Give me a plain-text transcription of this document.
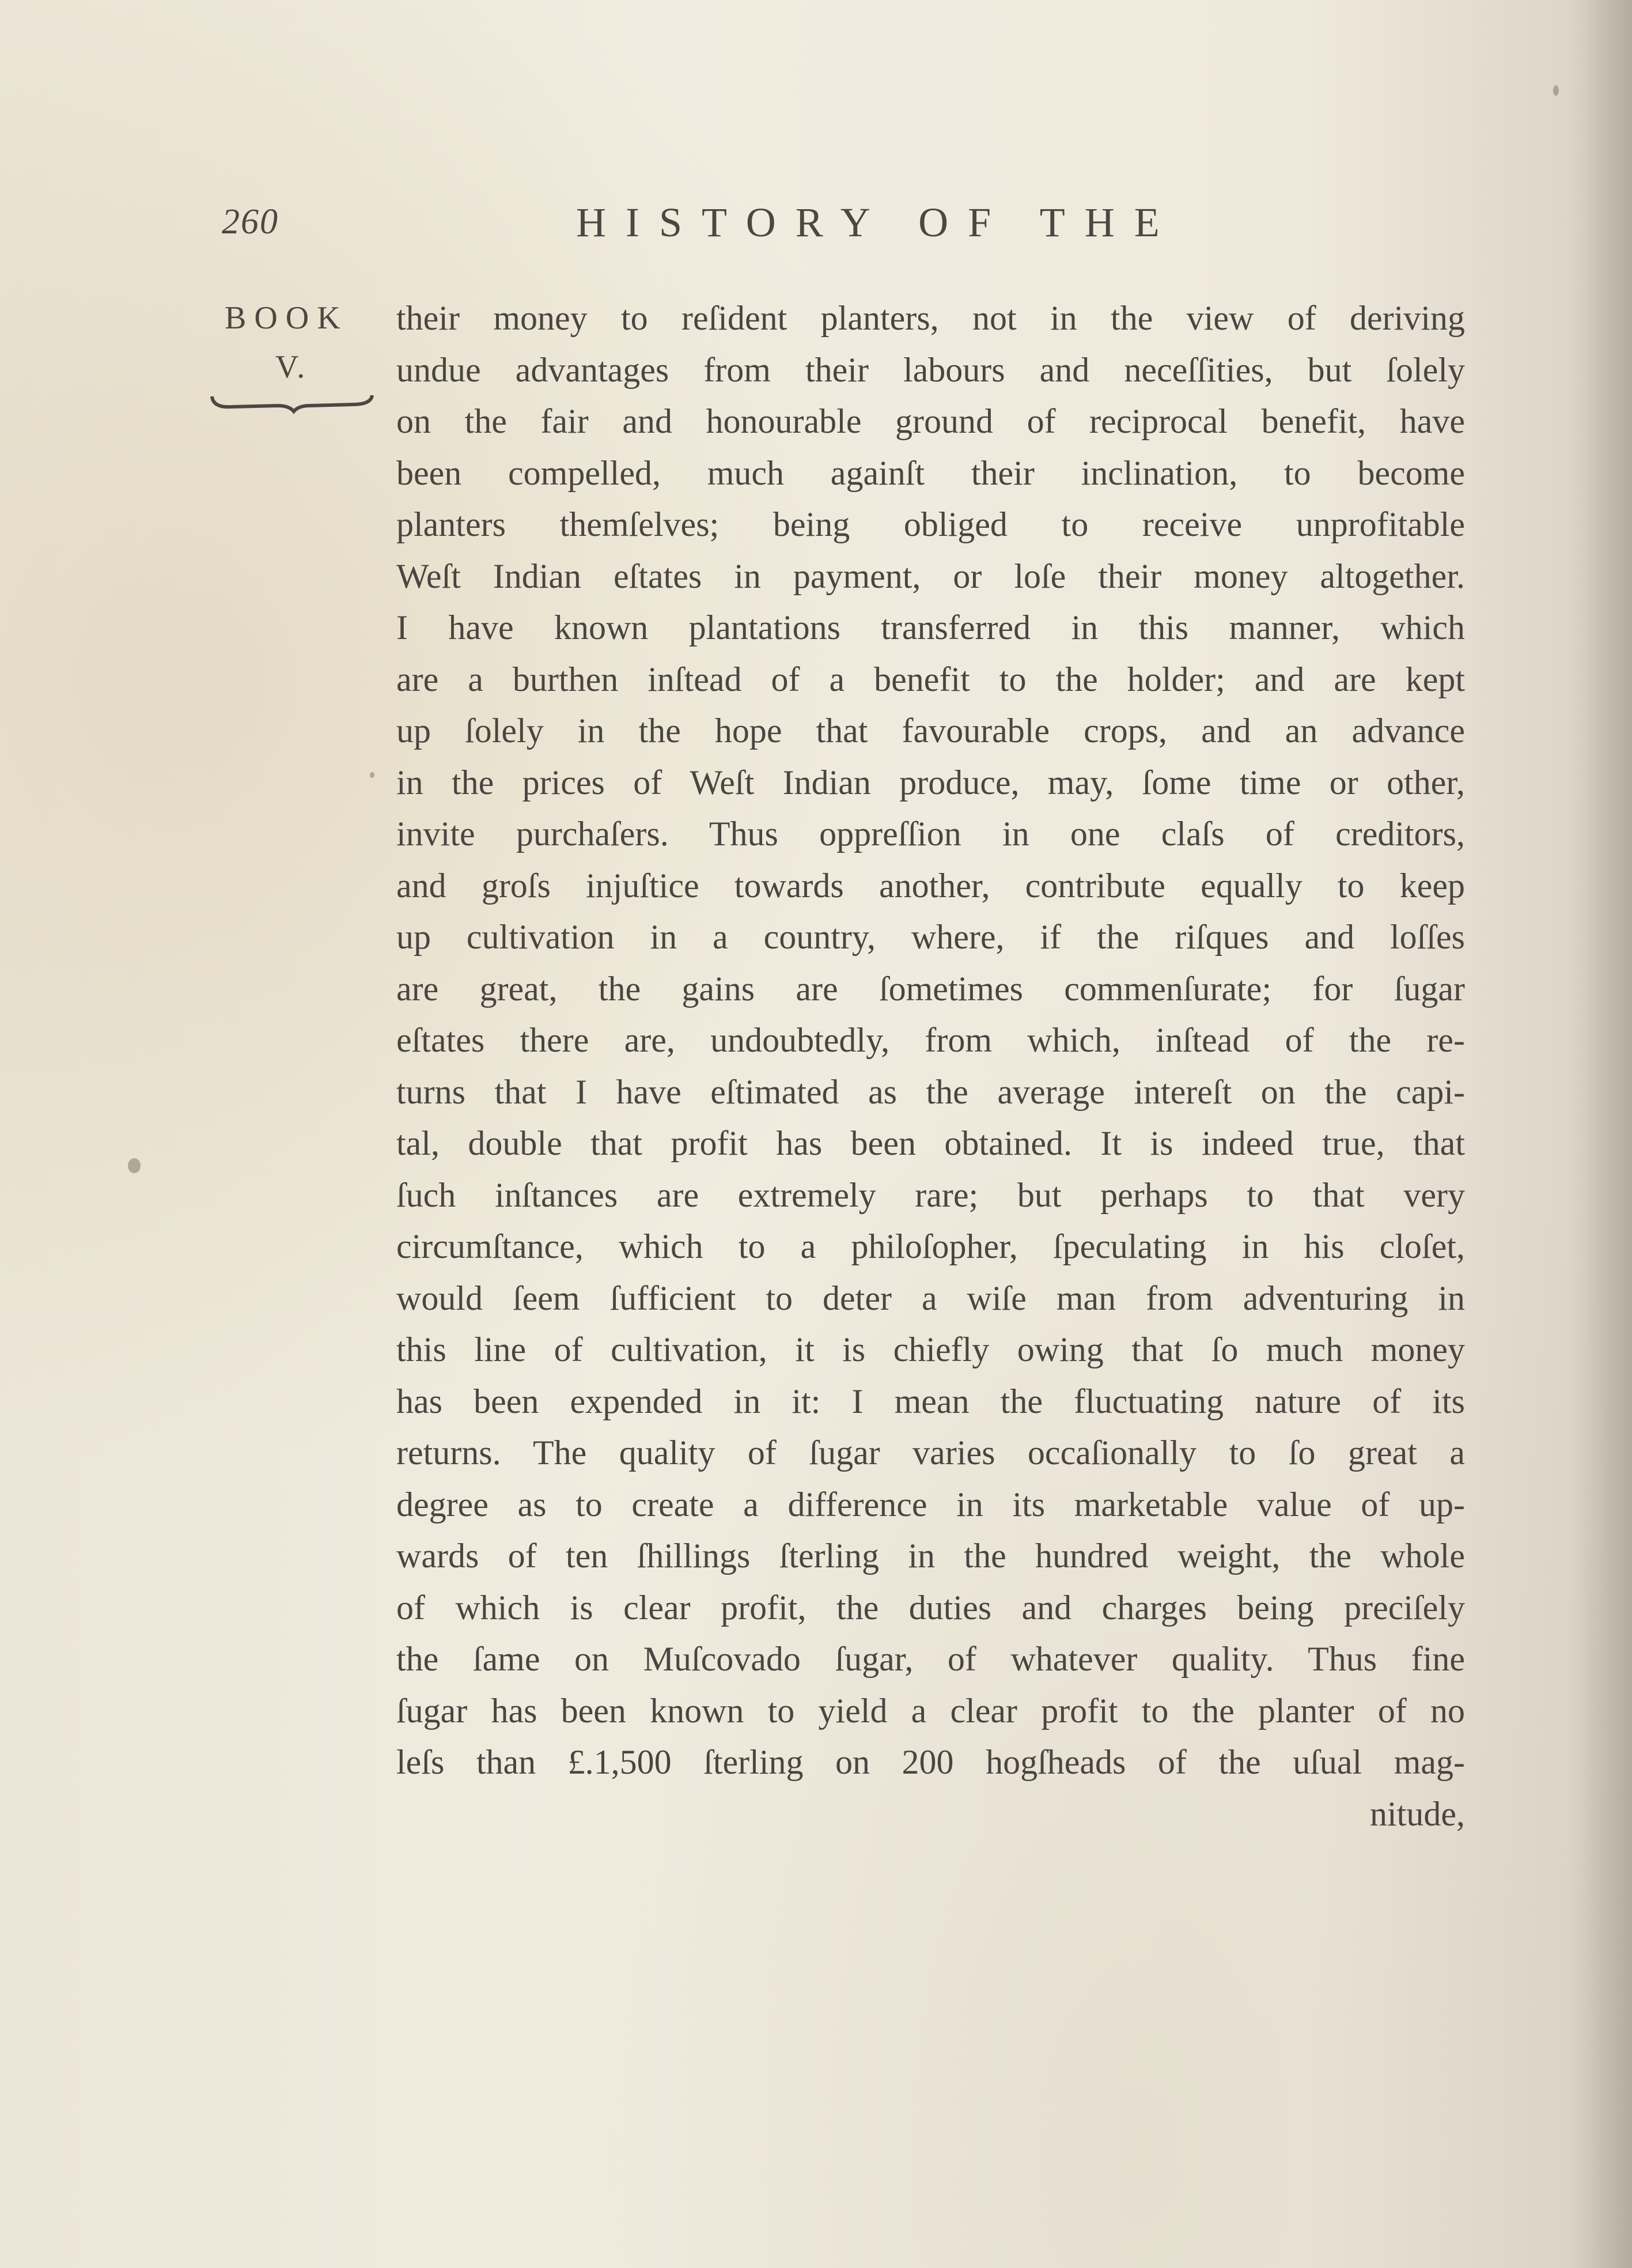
260	HISTORY OF THE
BOOK
V.
their money to reſident planters, not in the view of deriving
undue advantages from their labours and neceſſities, but ſolely
on the fair and honourable ground of reciprocal benefit, have
been compelled, much againſt their inclination, to become
planters themſelves; being obliged to receive unprofitable
Weſt Indian eſtates in payment, or loſe their money altogether.
I have known plantations transferred in this manner, which
are a burthen inſtead of a benefit to the holder; and are kept
up ſolely in the hope that favourable crops, and an advance
in the prices of Weſt Indian produce, may, ſome time or other,
invite purchaſers. Thus oppreſſion in one claſs of creditors,
and groſs injuſtice towards another, contribute equally to keep
up cultivation in a country, where, if the riſques and loſſes
are great, the gains are ſometimes commenſurate; for ſugar
eſtates there are, undoubtedly, from which, inſtead of the re-
turns that I have eſtimated as the average intereſt on the capi-
tal, double that profit has been obtained. It is indeed true, that
ſuch inſtances are extremely rare; but perhaps to that very
circumſtance, which to a philoſopher, ſpeculating in his cloſet,
would ſeem ſufficient to deter a wiſe man from adventuring in
this line of cultivation, it is chiefly owing that ſo much money
has been expended in it: I mean the fluctuating nature of its
returns. The quality of ſugar varies occaſionally to ſo great a
degree as to create a difference in its marketable value of up-
wards of ten ſhillings ſterling in the hundred weight, the whole
of which is clear profit, the duties and charges being preciſely
the ſame on Muſcovado ſugar, of whatever quality. Thus fine
ſugar has been known to yield a clear profit to the planter of no
leſs than £.1,500 ſterling on 200 hogſheads of the uſual mag-
nitude,
